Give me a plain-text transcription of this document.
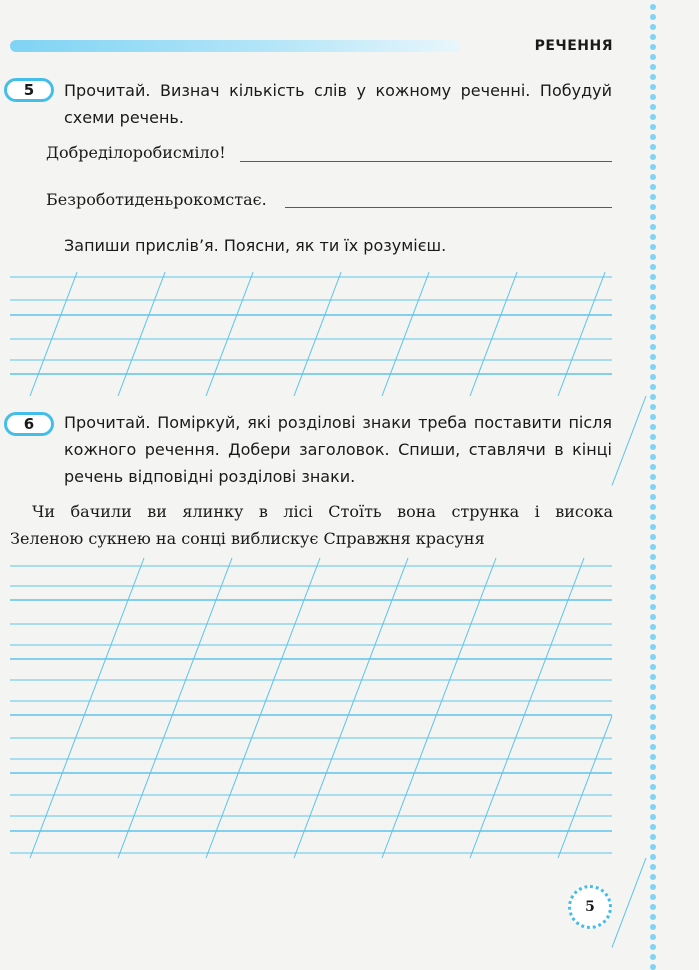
РЕЧЕННЯ
5	Прочитай. Визнач кількість слів у кожному реченні. Побудуй схеми речень.
Добреділоробисміло!
Безроботиденьрокомстає.
Запиши прислів’я. Поясни, як ти їх розумієш.
6	Прочитай. Поміркуй, які розділові знаки треба поставити після кожного речення. Добери заголовок. Спиши, ставлячи в кінці речень відповідні розділові знаки.
Чи бачили ви ялинку в лісі Стоїть вона струнка і висока
Зеленою сукнею на сонці виблискує Справжня красуня
5
